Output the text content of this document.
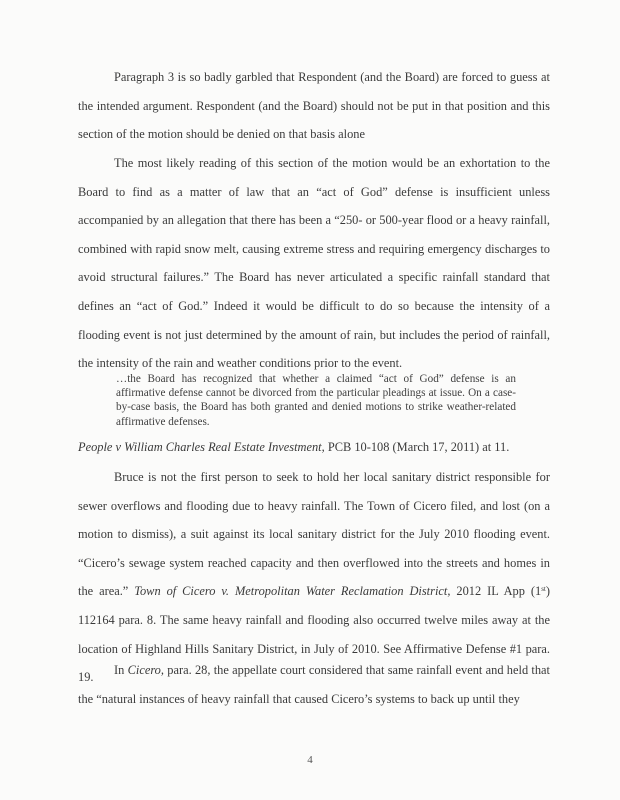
Paragraph 3 is so badly garbled that Respondent (and the Board) are forced to guess at the intended argument. Respondent (and the Board) should not be put in that position and this section of the motion should be denied on that basis alone

The most likely reading of this section of the motion would be an exhortation to the Board to find as a matter of law that an “act of God” defense is insufficient unless accompanied by an allegation that there has been a “250- or 500-year flood or a heavy rainfall, combined with rapid snow melt, causing extreme stress and requiring emergency discharges to avoid structural failures.” The Board has never articulated a specific rainfall standard that defines an “act of God.” Indeed it would be difficult to do so because the intensity of a flooding event is not just determined by the amount of rain, but includes the period of rainfall, the intensity of the rain and weather conditions prior to the event.

…the Board has recognized that whether a claimed “act of God” defense is an affirmative defense cannot be divorced from the particular pleadings at issue. On a case-by-case basis, the Board has both granted and denied motions to strike weather-related affirmative defenses.

People v William Charles Real Estate Investment, PCB 10-108 (March 17, 2011) at 11.

Bruce is not the first person to seek to hold her local sanitary district responsible for sewer overflows and flooding due to heavy rainfall. The Town of Cicero filed, and lost (on a motion to dismiss), a suit against its local sanitary district for the July 2010 flooding event. “Cicero’s sewage system reached capacity and then overflowed into the streets and homes in the area.” Town of Cicero v. Metropolitan Water Reclamation District, 2012 IL App (1st) 112164 para. 8. The same heavy rainfall and flooding also occurred twelve miles away at the location of Highland Hills Sanitary District, in July of 2010. See Affirmative Defense #1 para. 19.

In Cicero, para. 28, the appellate court considered that same rainfall event and held that the “natural instances of heavy rainfall that caused Cicero’s systems to back up until they

4
